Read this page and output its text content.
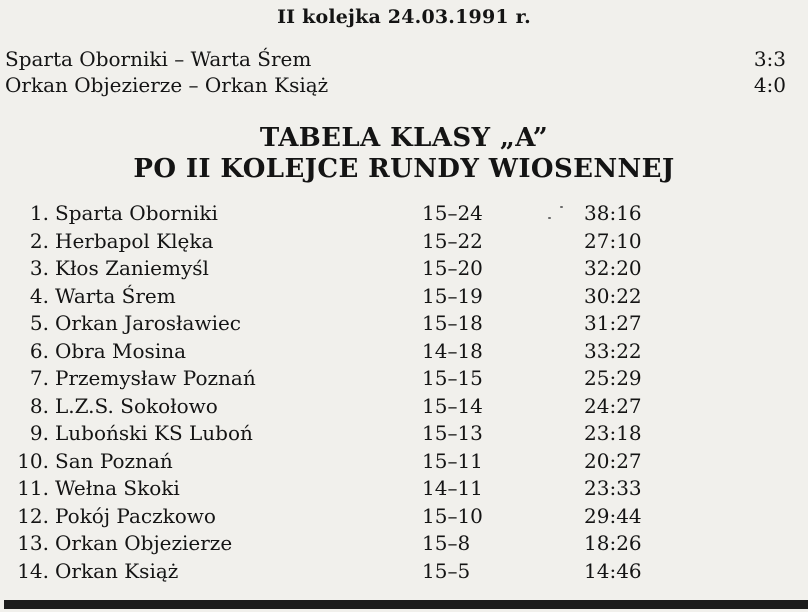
II kolejka 24.03.1991 r.
Sparta Oborniki – Warta Śrem	3:3
Orkan Objezierze – Orkan Książ	4:0
TABELA KLASY „A”
PO II KOLEJCE RUNDY WIOSENNEJ
1. Sparta Oborniki	15–24	38:16
2. Herbapol Klęka	15–22	27:10
3. Kłos Zaniemyśl	15–20	32:20
4. Warta Śrem	15–19	30:22
5. Orkan Jarosławiec	15–18	31:27
6. Obra Mosina	14–18	33:22
7. Przemysław Poznań	15–15	25:29
8. L.Z.S. Sokołowo	15–14	24:27
9. Luboński KS Luboń	15–13	23:18
10. San Poznań	15–11	20:27
11. Wełna Skoki	14–11	23:33
12. Pokój Paczkowo	15–10	29:44
13. Orkan Objezierze	15–8	18:26
14. Orkan Książ	15–5	14:46
